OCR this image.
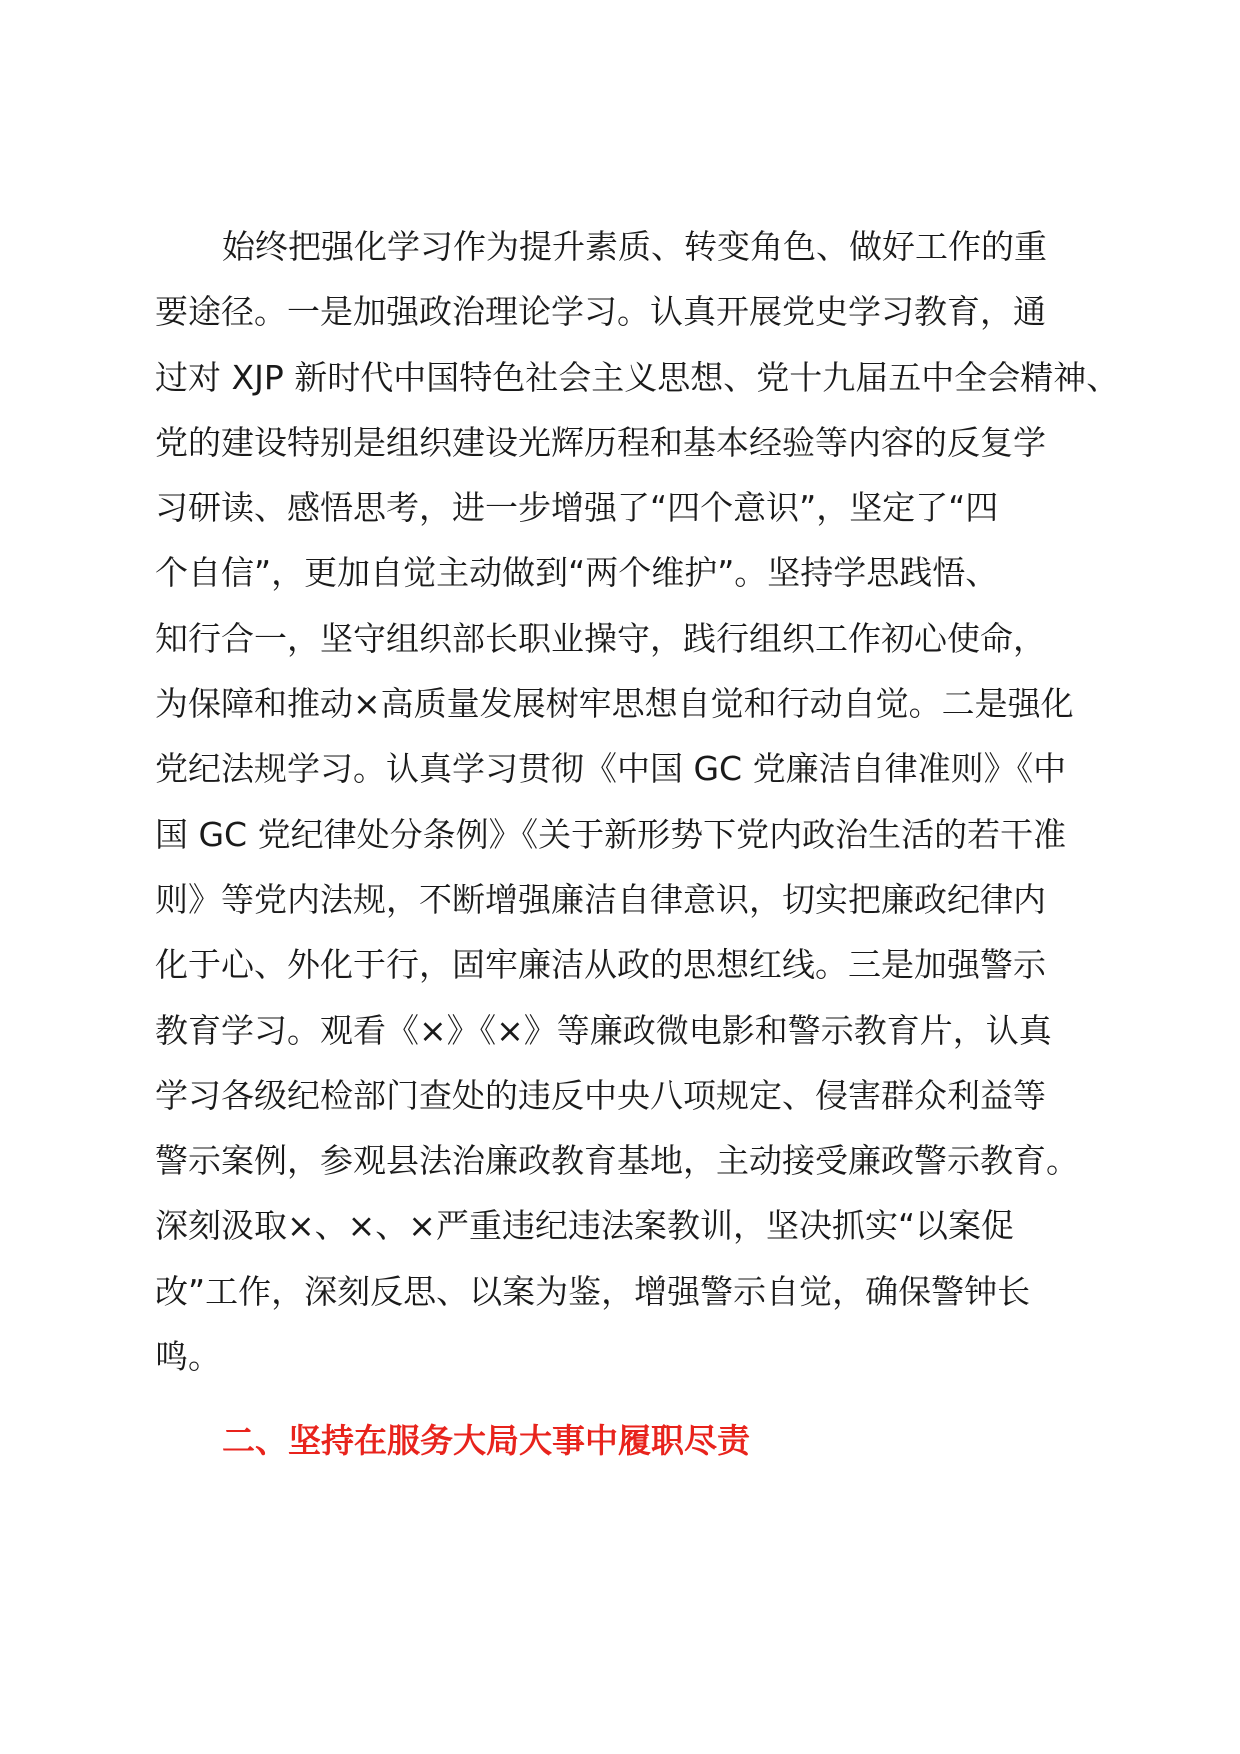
始终把强化学习作为提升素质、转变角色、做好工作的重
要途径。一是加强政治理论学习。认真开展党史学习教育，通
过对 XJP 新时代中国特色社会主义思想、党十九届五中全会精神、
党的建设特别是组织建设光辉历程和基本经验等内容的反复学
习研读、感悟思考，进一步增强了“四个意识”，坚定了“四
个自信”，更加自觉主动做到“两个维护”。坚持学思践悟、
知行合一，坚守组织部长职业操守，践行组织工作初心使命，
为保障和推动×高质量发展树牢思想自觉和行动自觉。二是强化
党纪法规学习。认真学习贯彻《中国 GC 党廉洁自律准则》《中
国 GC 党纪律处分条例》《关于新形势下党内政治生活的若干准
则》等党内法规，不断增强廉洁自律意识，切实把廉政纪律内
化于心、外化于行，固牢廉洁从政的思想红线。三是加强警示
教育学习。观看《×》《×》等廉政微电影和警示教育片，认真
学习各级纪检部门查处的违反中央八项规定、侵害群众利益等
警示案例，参观县法治廉政教育基地，主动接受廉政警示教育。
深刻汲取×、×、×严重违纪违法案教训，坚决抓实“以案促
改”工作，深刻反思、以案为鉴，增强警示自觉，确保警钟长
鸣。
二、坚持在服务大局大事中履职尽责
